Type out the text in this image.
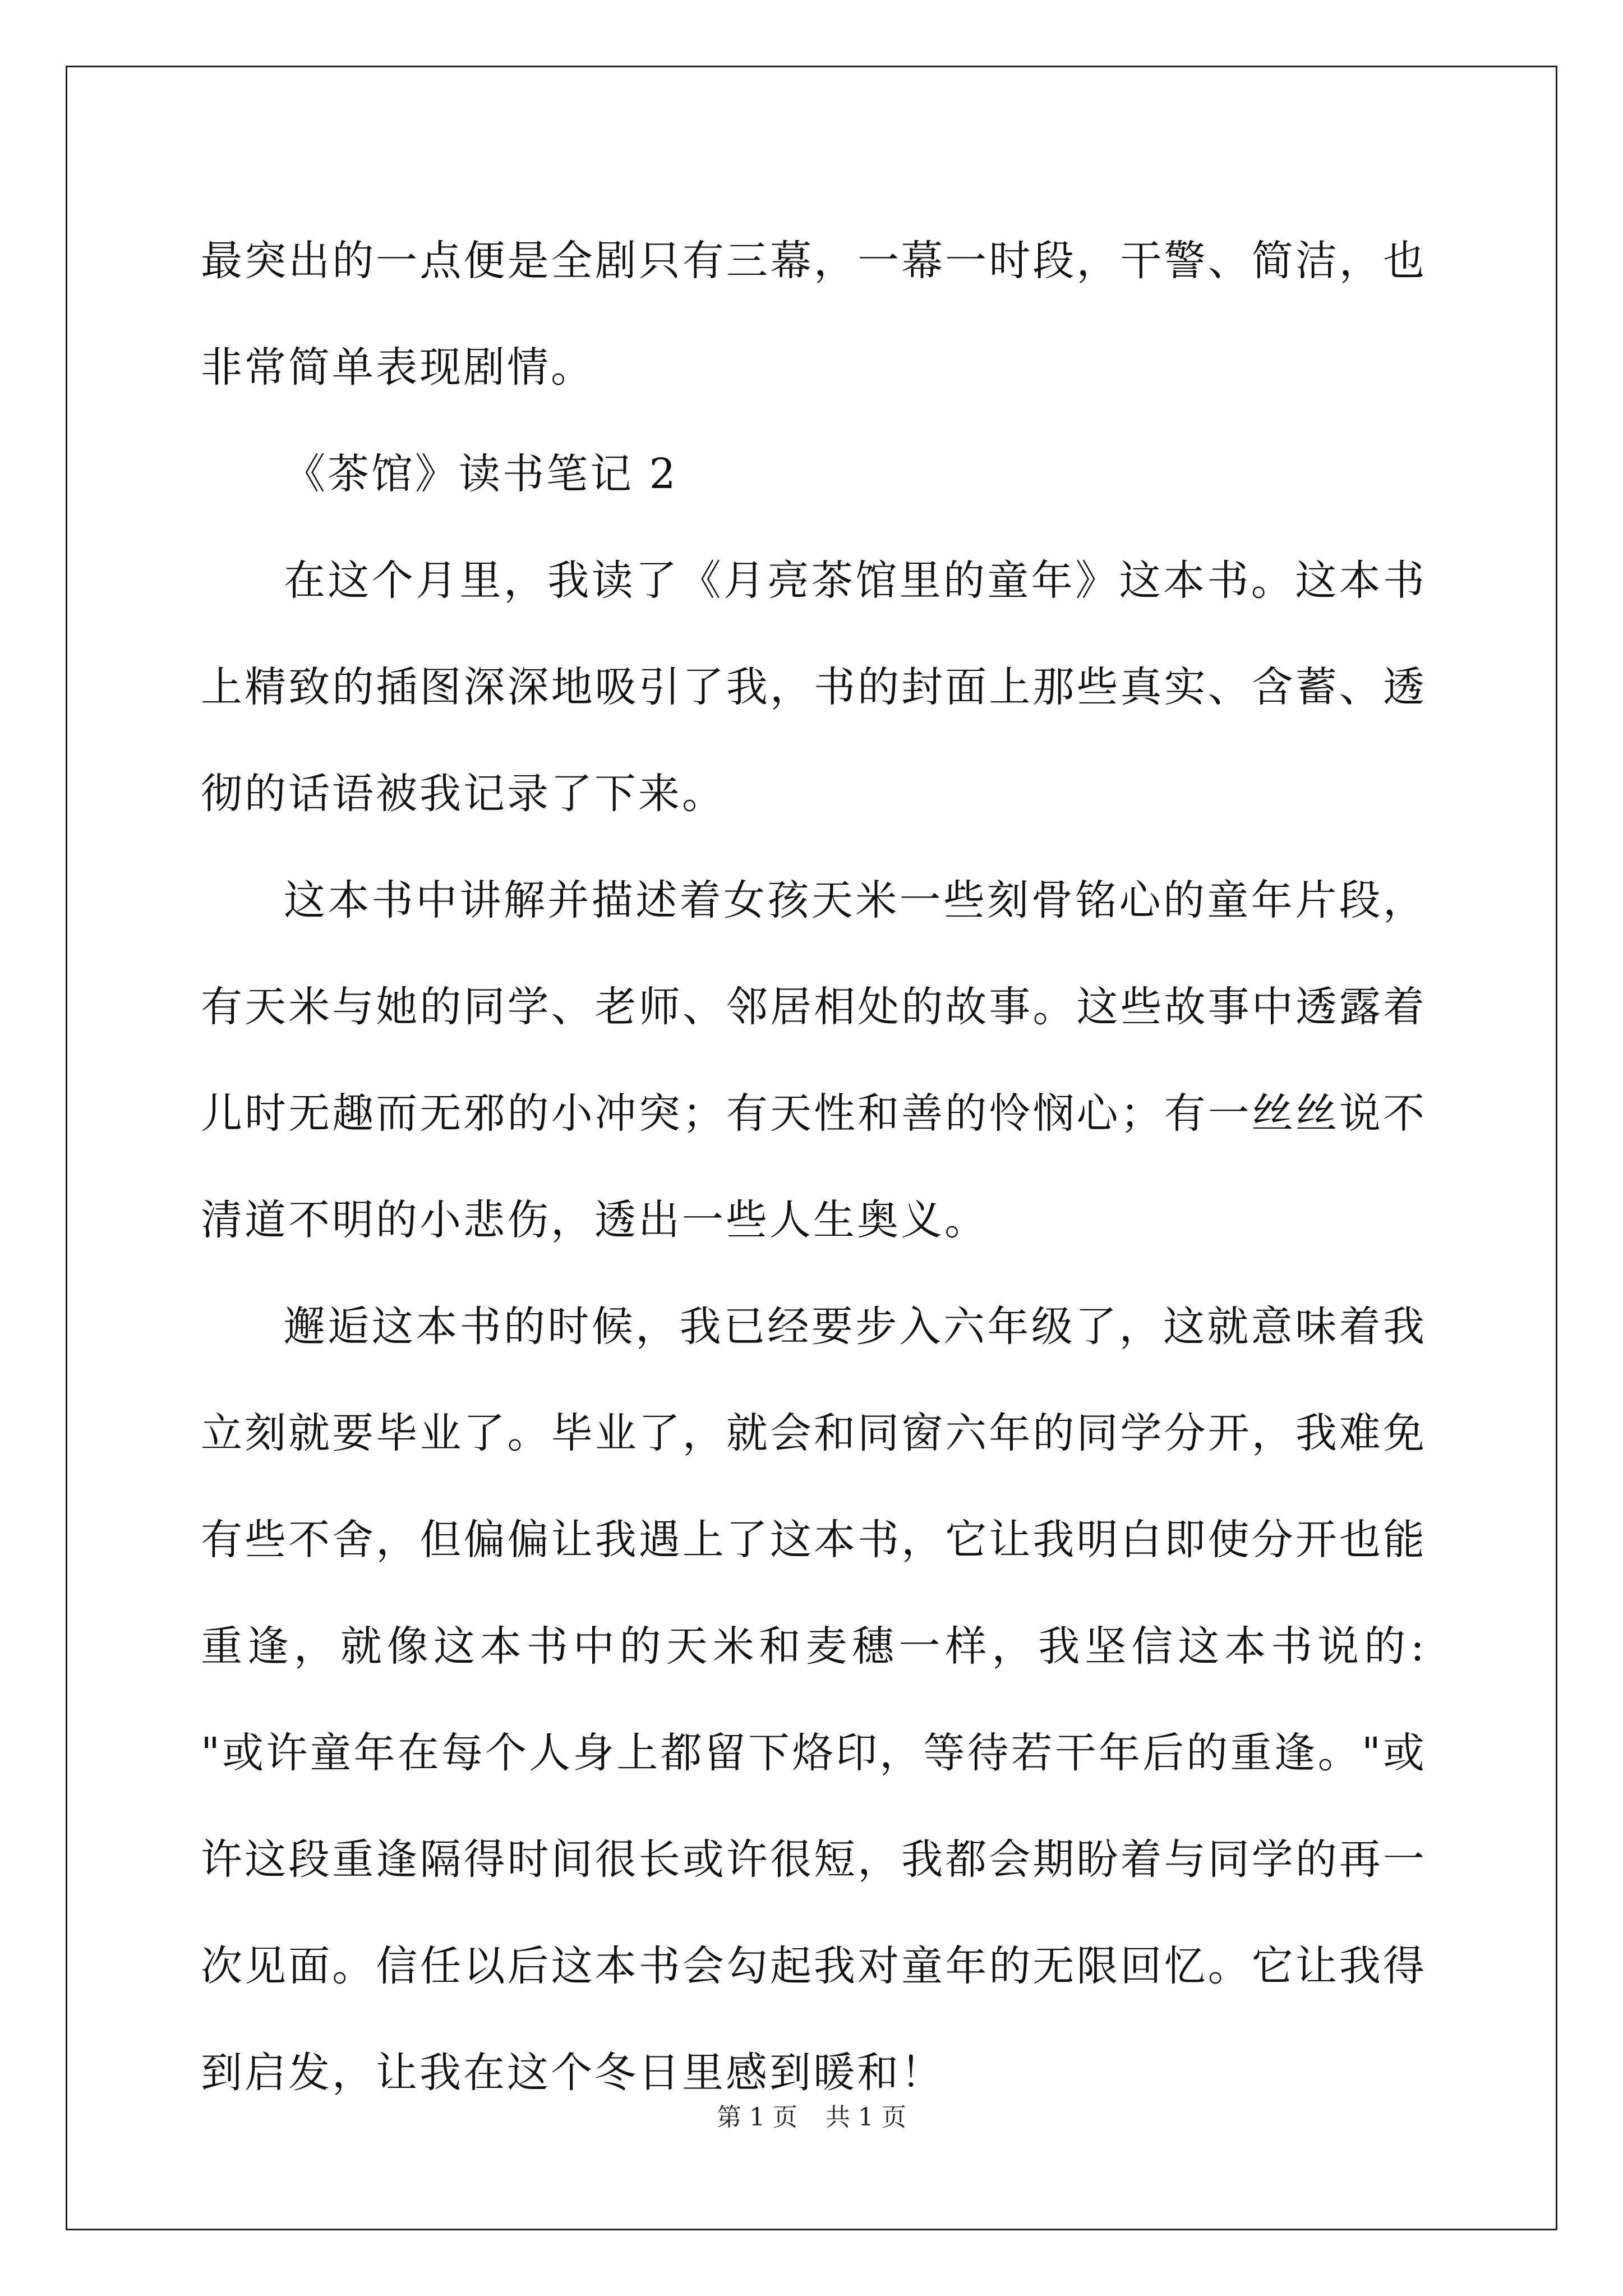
最突出的一点便是全剧只有三幕，一幕一时段，干警、简洁，也非常简单表现剧情。

《茶馆》读书笔记 2

在这个月里，我读了《月亮茶馆里的童年》这本书。这本书上精致的插图深深地吸引了我，书的封面上那些真实、含蓄、透彻的话语被我记录了下来。

这本书中讲解并描述着女孩天米一些刻骨铭心的童年片段，有天米与她的同学、老师、邻居相处的故事。这些故事中透露着儿时无趣而无邪的小冲突；有天性和善的怜悯心；有一丝丝说不清道不明的小悲伤，透出一些人生奥义。

邂逅这本书的时候，我已经要步入六年级了，这就意味着我立刻就要毕业了。毕业了，就会和同窗六年的同学分开，我难免有些不舍，但偏偏让我遇上了这本书，它让我明白即使分开也能重逢，就像这本书中的天米和麦穗一样，我坚信这本书说的: "或许童年在每个人身上都留下烙印，等待若干年后的重逢。"或许这段重逢隔得时间很长或许很短，我都会期盼着与同学的再一次见面。信任以后这本书会勾起我对童年的无限回忆。它让我得到启发，让我在这个冬日里感到暖和！

第 1 页 共 1 页
